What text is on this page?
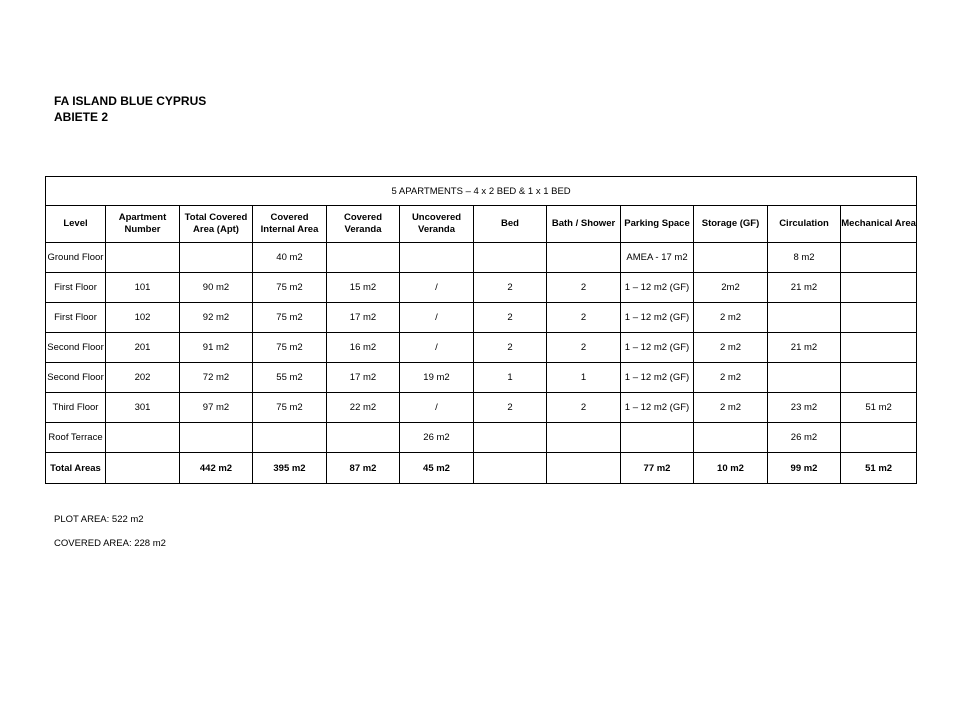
FA ISLAND BLUE CYPRUS
ABIETE 2
5 APARTMENTS – 4 x 2 BED & 1 x 1 BED											
Level	Apartment Number	Total Covered Area (Apt)	Covered Internal Area	Covered Veranda	Uncovered Veranda	Bed	Bath / Shower	Parking Space	Storage (GF)	Circulation	Mechanical Area
Ground Floor			40 m2					AMEA - 17 m2		8 m2	
First Floor	101	90 m2	75 m2	15 m2	/	2	2	1 – 12 m2 (GF)	2m2	21 m2	
First Floor	102	92 m2	75 m2	17 m2	/	2	2	1 – 12 m2 (GF)	2 m2		
Second Floor	201	91 m2	75 m2	16 m2	/	2	2	1 – 12 m2 (GF)	2 m2	21 m2	
Second Floor	202	72 m2	55 m2	17 m2	19 m2	1	1	1 – 12 m2 (GF)	2 m2		
Third Floor	301	97 m2	75 m2	22 m2	/	2	2	1 – 12 m2 (GF)	2 m2	23 m2	51 m2
Roof Terrace					26 m2					26 m2	
Total Areas		442 m2	395 m2	87 m2	45 m2			77 m2	10 m2	99 m2	51 m2
PLOT AREA: 522 m2
COVERED AREA: 228 m2
